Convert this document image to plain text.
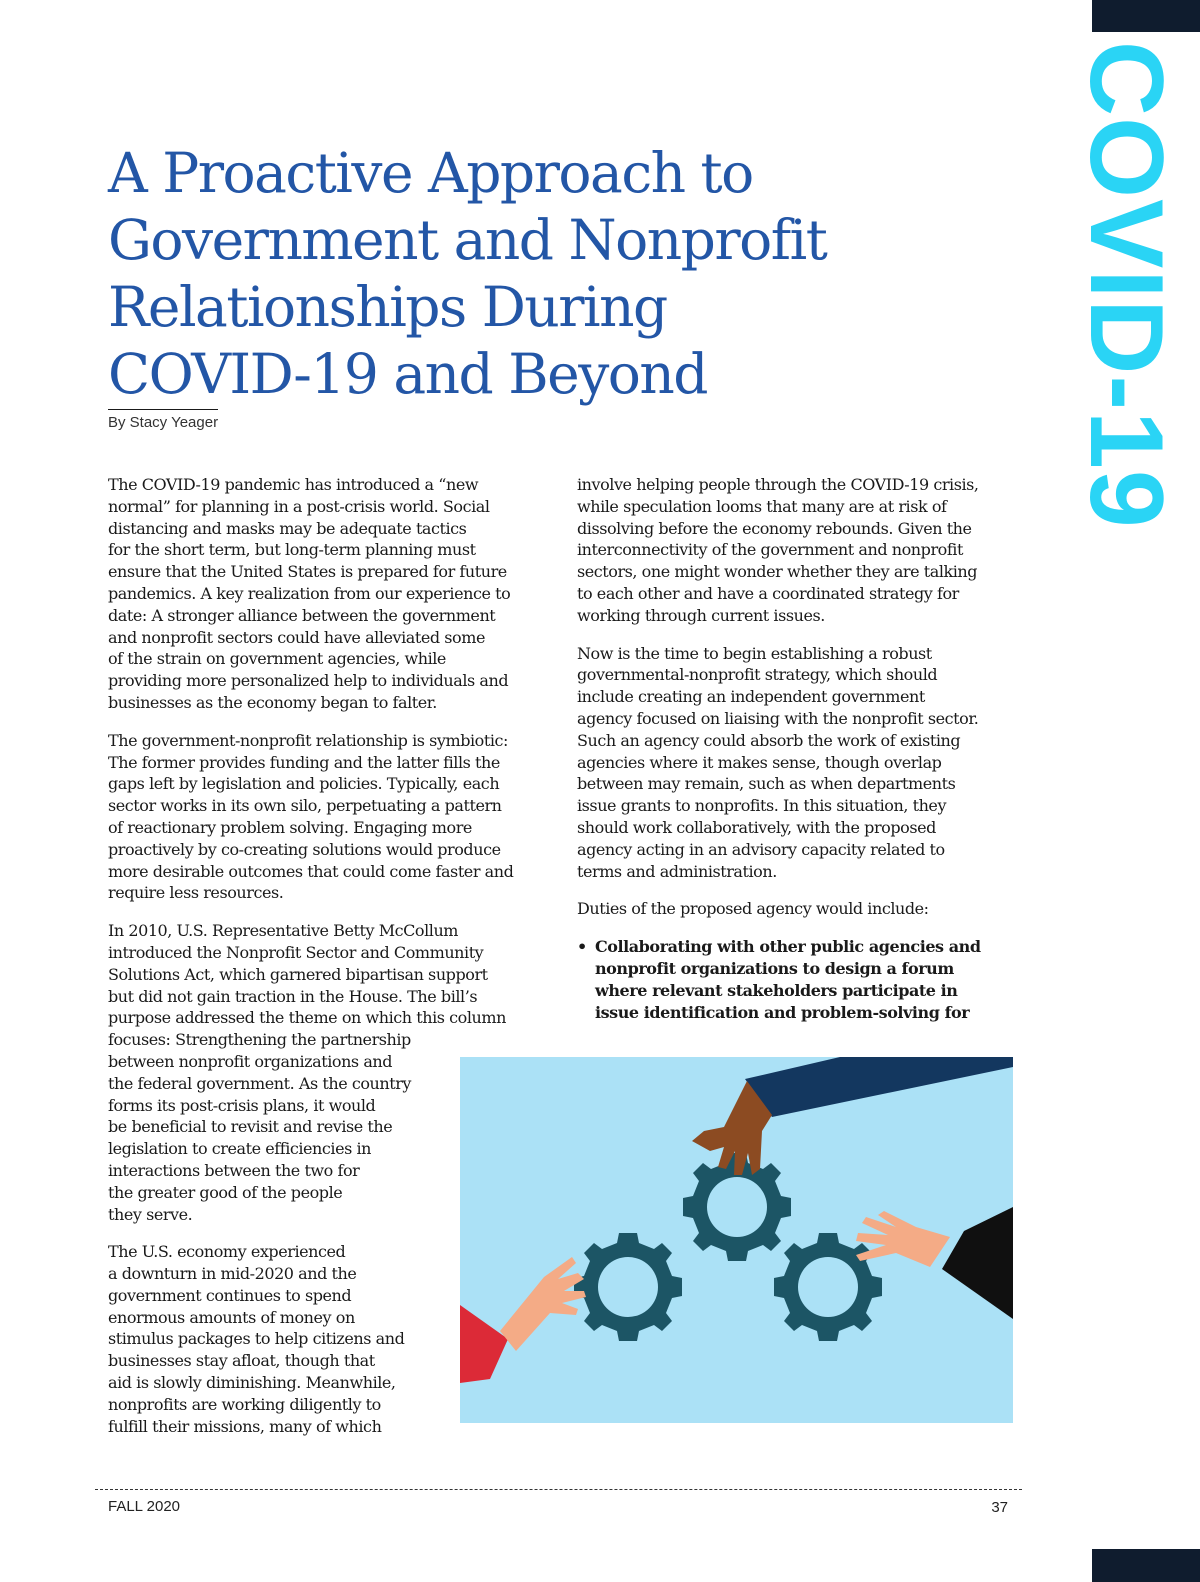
COVID-19
A Proactive Approach to
Government and Nonprofit
Relationships During
COVID-19 and Beyond
By Stacy Yeager

The COVID-19 pandemic has introduced a “new
normal” for planning in a post-crisis world. Social
distancing and masks may be adequate tactics
for the short term, but long-term planning must
ensure that the United States is prepared for future
pandemics. A key realization from our experience to
date: A stronger alliance between the government
and nonprofit sectors could have alleviated some
of the strain on government agencies, while
providing more personalized help to individuals and
businesses as the economy began to falter.

The government-nonprofit relationship is symbiotic:
The former provides funding and the latter fills the
gaps left by legislation and policies. Typically, each
sector works in its own silo, perpetuating a pattern
of reactionary problem solving. Engaging more
proactively by co-creating solutions would produce
more desirable outcomes that could come faster and
require less resources.

In 2010, U.S. Representative Betty McCollum
introduced the Nonprofit Sector and Community
Solutions Act, which garnered bipartisan support
but did not gain traction in the House. The bill’s
purpose addressed the theme on which this column
focuses: Strengthening the partnership
between nonprofit organizations and
the federal government. As the country
forms its post-crisis plans, it would
be beneficial to revisit and revise the
legislation to create efficiencies in
interactions between the two for
the greater good of the people
they serve.

The U.S. economy experienced
a downturn in mid-2020 and the
government continues to spend
enormous amounts of money on
stimulus packages to help citizens and
businesses stay afloat, though that
aid is slowly diminishing. Meanwhile,
nonprofits are working diligently to
fulfill their missions, many of which

involve helping people through the COVID-19 crisis,
while speculation looms that many are at risk of
dissolving before the economy rebounds. Given the
interconnectivity of the government and nonprofit
sectors, one might wonder whether they are talking
to each other and have a coordinated strategy for
working through current issues.

Now is the time to begin establishing a robust
governmental-nonprofit strategy, which should
include creating an independent government
agency focused on liaising with the nonprofit sector.
Such an agency could absorb the work of existing
agencies where it makes sense, though overlap
between may remain, such as when departments
issue grants to nonprofits. In this situation, they
should work collaboratively, with the proposed
agency acting in an advisory capacity related to
terms and administration.

Duties of the proposed agency would include:

• Collaborating with other public agencies and
nonprofit organizations to design a forum
where relevant stakeholders participate in
issue identification and problem-solving for
FALL 2020	37
